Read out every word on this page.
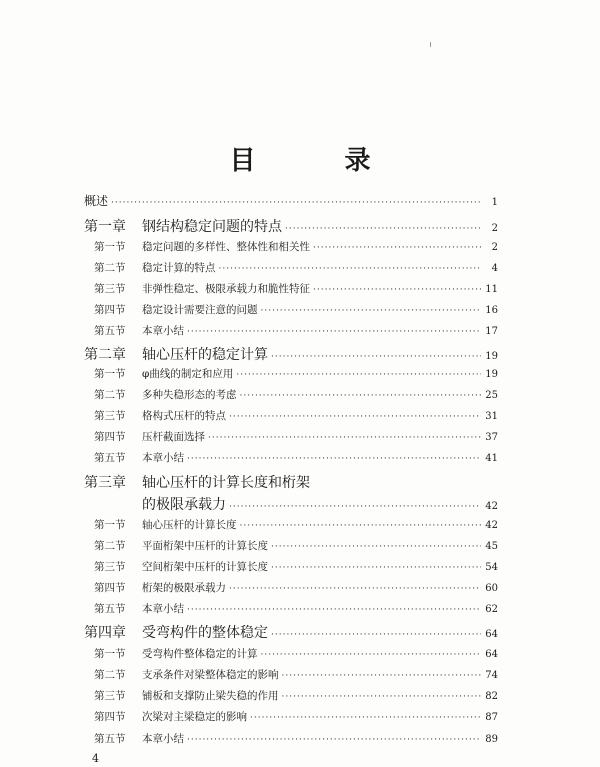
目 录
概述 ·····	1
第一章 钢结构稳定问题的特点 ·····	2
第一节 稳定问题的多样性、整体性和相关性 ·····	2
第二节 稳定计算的特点 ·····	4
第三节 非弹性稳定、极限承载力和脆性特征 ·····	11
第四节 稳定设计需要注意的问题 ·····	16
第五节 本章小结 ·····	17
第二章 轴心压杆的稳定计算 ·····	19
第一节 φ曲线的制定和应用 ·····	19
第二节 多种失稳形态的考虑 ·····	25
第三节 格构式压杆的特点 ·····	31
第四节 压杆截面选择 ·····	37
第五节 本章小结 ·····	41
第三章 轴心压杆的计算长度和桁架
的极限承载力 ·····	42
第一节 轴心压杆的计算长度 ·····	42
第二节 平面桁架中压杆的计算长度 ·····	45
第三节 空间桁架中压杆的计算长度 ·····	54
第四节 桁架的极限承载力 ·····	60
第五节 本章小结 ·····	62
第四章 受弯构件的整体稳定 ·····	64
第一节 受弯构件整体稳定的计算 ·····	64
第二节 支承条件对梁整体稳定的影响 ·····	74
第三节 铺板和支撑防止梁失稳的作用 ·····	82
第四节 次梁对主梁稳定的影响 ·····	87
第五节 本章小结 ·····	89
4
